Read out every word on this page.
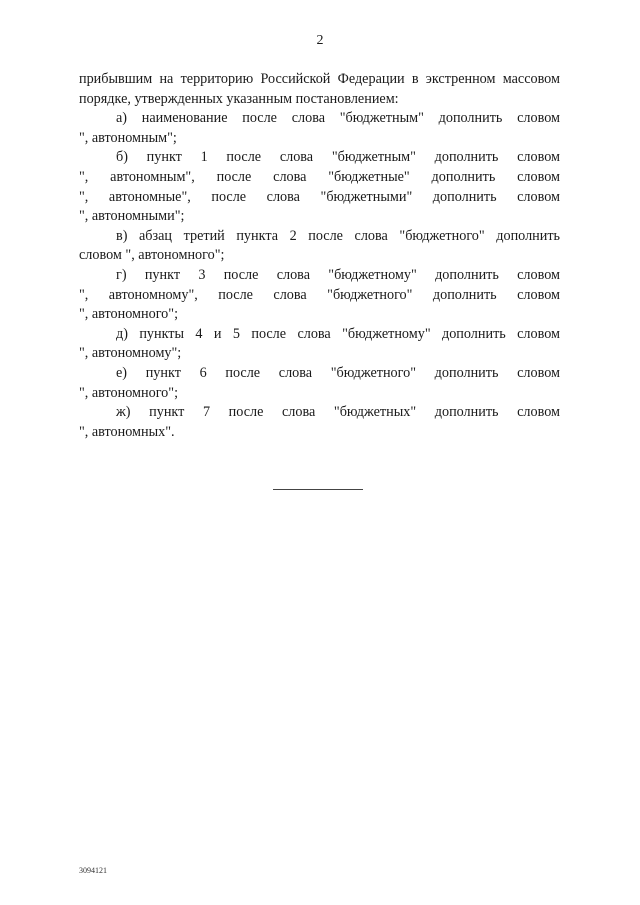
2

прибывшим на территорию Российской Федерации в экстренном массовом
порядке, утвержденных указанным постановлением:

а) наименование после слова "бюджетным" дополнить словом
", автономным";

б) пункт 1 после слова "бюджетным" дополнить словом
", автономным", после слова "бюджетные" дополнить словом
", автономные", после слова "бюджетными" дополнить словом
", автономными";

в) абзац третий пункта 2 после слова "бюджетного" дополнить
словом ", автономного";

г) пункт 3 после слова "бюджетному" дополнить словом
", автономному", после слова "бюджетного" дополнить словом
", автономного";

д) пункты 4 и 5 после слова "бюджетному" дополнить словом
", автономному";

е) пункт 6 после слова "бюджетного" дополнить словом
", автономного";

ж) пункт 7 после слова "бюджетных" дополнить словом
", автономных".

3094121
